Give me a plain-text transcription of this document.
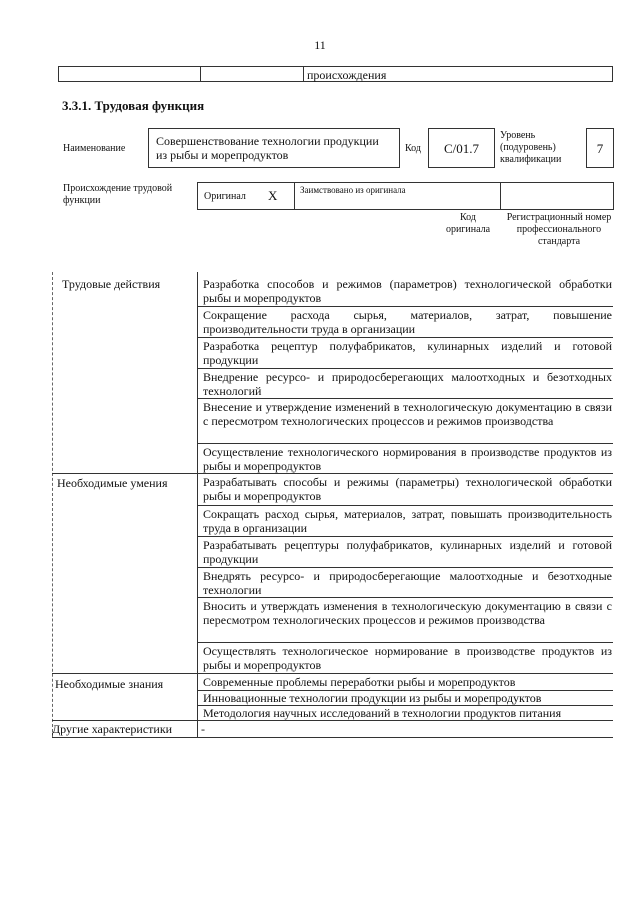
11
происхождения
3.3.1. Трудовая функция
Наименование
Совершенствование технологии продукции из рыбы и морепродуктов	Код	С/01.7
Уровень (подуровень) квалификации
7
Происхождение трудовой функции	Оригинал X	Заимствовано из оригинала
Код оригинала
Регистрационный номер профессионального стандарта
Трудовые действия	Разработка способов и режимов (параметров) технологической обработки рыбы и морепродуктов
Сокращение расхода сырья, материалов, затрат, повышение производительности труда в организации
Разработка рецептур полуфабрикатов, кулинарных изделий и готовой продукции
Внедрение ресурсо- и природосберегающих малоотходных и безотходных технологий
Внесение и утверждение изменений в технологическую документацию в связи с пересмотром технологических процессов и режимов производства
Осуществление технологического нормирования в производстве продуктов из рыбы и морепродуктов
Необходимые умения	Разрабатывать способы и режимы (параметры) технологической обработки рыбы и морепродуктов
Сокращать расход сырья, материалов, затрат, повышать производительность труда в организации
Разрабатывать рецептуры полуфабрикатов, кулинарных изделий и готовой продукции
Внедрять ресурсо- и природосберегающие малоотходные и безотходные технологии
Вносить и утверждать изменения в технологическую документацию в связи с пересмотром технологических процессов и режимов производства
Осуществлять технологическое нормирование в производстве продуктов из рыбы и морепродуктов
Необходимые знания	Современные проблемы переработки рыбы и морепродуктов
Инновационные технологии продукции из рыбы и морепродуктов
Методология научных исследований в технологии продуктов питания
Другие характеристики -
